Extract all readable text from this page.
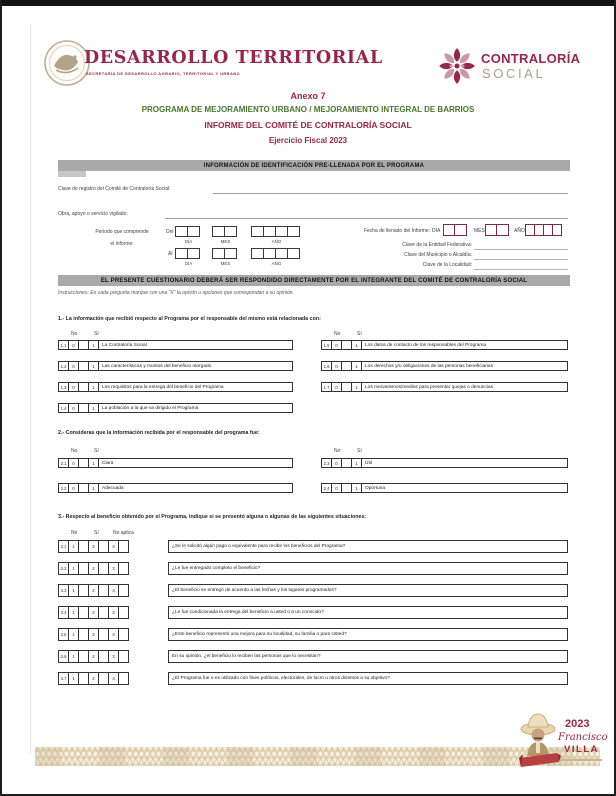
DESARROLLO TERRITORIAL
SECRETARÍA DE DESARROLLO AGRARIO, TERRITORIAL Y URBANO
CONTRALORÍA
SOCIAL
Anexo 7
PROGRAMA DE MEJORAMIENTO URBANO / MEJORAMIENTO INTEGRAL DE BARRIOS
INFORME DEL COMITÉ DE CONTRALORÍA SOCIAL
Ejercicio Fiscal 2023
INFORMACIÓN DE IDENTIFICACIÓN PRE-LLENADA POR EL PROGRAMA
Clave de registro del Comité de Contraloría Social:
Obra, apoyo o servicio vigilado:
Periodo que comprende
el informe:
Del
DÍA	MES	AÑO
Al
DÍA	MES	AÑO
Fecha de llenado del Informe: DÍA	MES	AÑO
Clave de la Entidad Federativa:
Clave del Municipio o Alcaldía:
Clave de la Localidad:
EL PRESENTE CUESTIONARIO DEBERÁ SER RESPONDIDO DIRECTAMENTE POR EL INTEGRANTE DEL COMITÉ DE CONTRALORÍA SOCIAL
Instrucciones: En cada pregunta marque con una "X" la opción u opciones que correspondan a su opinión.
1.- La información que recibió respecto al Programa por el responsable del mismo está relacionada con:
No	Sí	No	Sí
1.1	0	1	La Contraloría Social
1.2	0	1	Las características y montos del beneficio otorgado
1.3	0	1	Los requisitos para la entrega del beneficio del Programa
1.4	0	1	La población a la que va dirigido el Programa
1.5	0	1	Los datos de contacto de los responsables del Programa
1.6	0	1	Los derechos y/u obligaciones de las personas beneficiarias
1.7	0	1	Los mecanismos/medios para presentar quejas o denuncias
2.- Consideras que la información recibida por el responsable del programa fue:
No	Sí	No	Sí
2.1	0	1	Clara
2.2	0	1	Adecuada
2.3	0	1	Útil
2.4	0	1	Oportuna
3.- Respecto al beneficio obtenido por el Programa, indique si se presentó alguna o algunas de las siguientes situaciones:
No	Sí	No aplica
3.1	1	2	3	¿Se le solicitó algún pago o equivalente para recibir los beneficios del Programa?
3.2	1	2	3	¿Le fue entregado completo el beneficio?
3.3	1	2	3	¿El beneficio se entregó de acuerdo a las fechas y los lugares programados?
3.4	1	2	3	¿Le fue condicionada la entrega del beneficio a usted o a un conocido?
3.5	1	2	3	¿Este beneficio representó una mejora para su localidad, su familia o para Usted?
3.6	1	2	3	En su opinión, ¿el beneficio lo reciben las personas que lo necesitan?
3.7	1	2	3	¿El Programa fue o es utilizado con fines políticos, electorales, de lucro u otros distintos a su objetivo?
2023
Francisco
VILLA
